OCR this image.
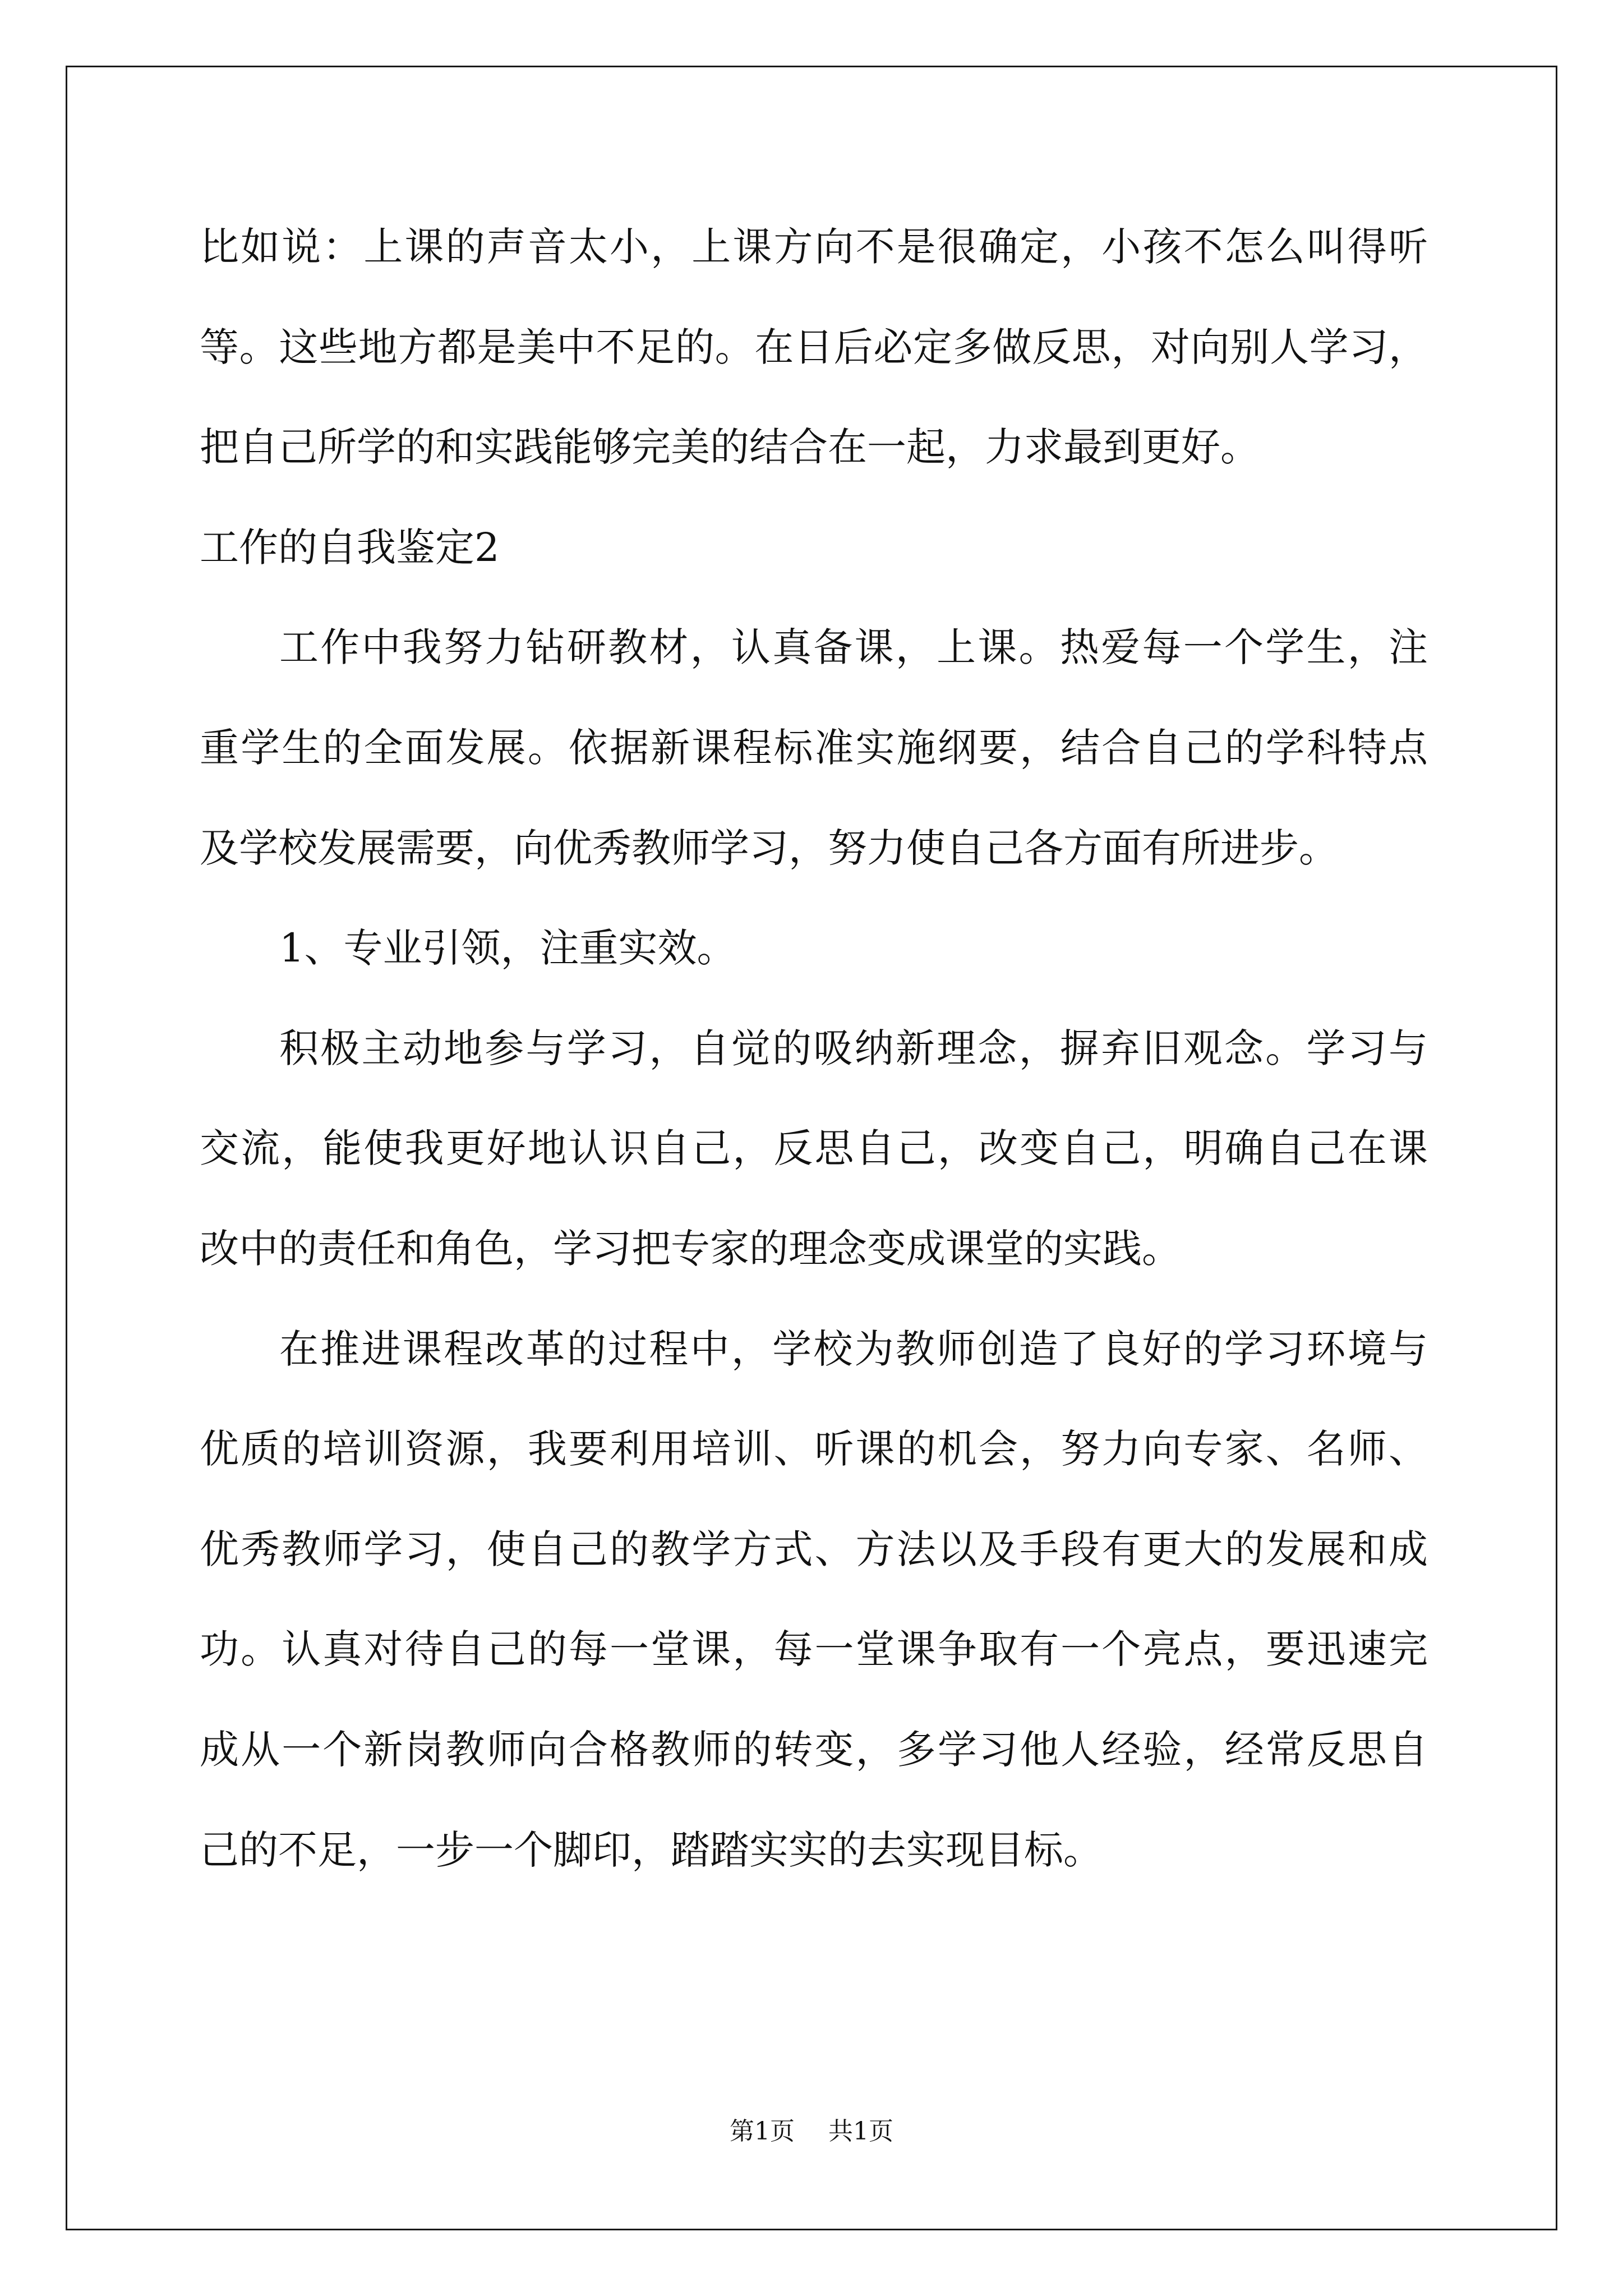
比如说：上课的声音太小，上课方向不是很确定，小孩不怎么叫得听
等。这些地方都是美中不足的。在日后必定多做反思，对向别人学习，
把自己所学的和实践能够完美的结合在一起，力求最到更好。
工作的自我鉴定2
工作中我努力钻研教材，认真备课，上课。热爱每一个学生，注
重学生的全面发展。依据新课程标准实施纲要，结合自己的学科特点
及学校发展需要，向优秀教师学习，努力使自己各方面有所进步。
1、专业引领，注重实效。
积极主动地参与学习，自觉的吸纳新理念，摒弃旧观念。学习与
交流，能使我更好地认识自己，反思自己，改变自己，明确自己在课
改中的责任和角色，学习把专家的理念变成课堂的实践。
在推进课程改革的过程中，学校为教师创造了良好的学习环境与
优质的培训资源，我要利用培训、听课的机会，努力向专家、名师、
优秀教师学习，使自己的教学方式、方法以及手段有更大的发展和成
功。认真对待自己的每一堂课，每一堂课争取有一个亮点，要迅速完
成从一个新岗教师向合格教师的转变，多学习他人经验，经常反思自
己的不足，一步一个脚印，踏踏实实的去实现目标。
第1页 共1页
